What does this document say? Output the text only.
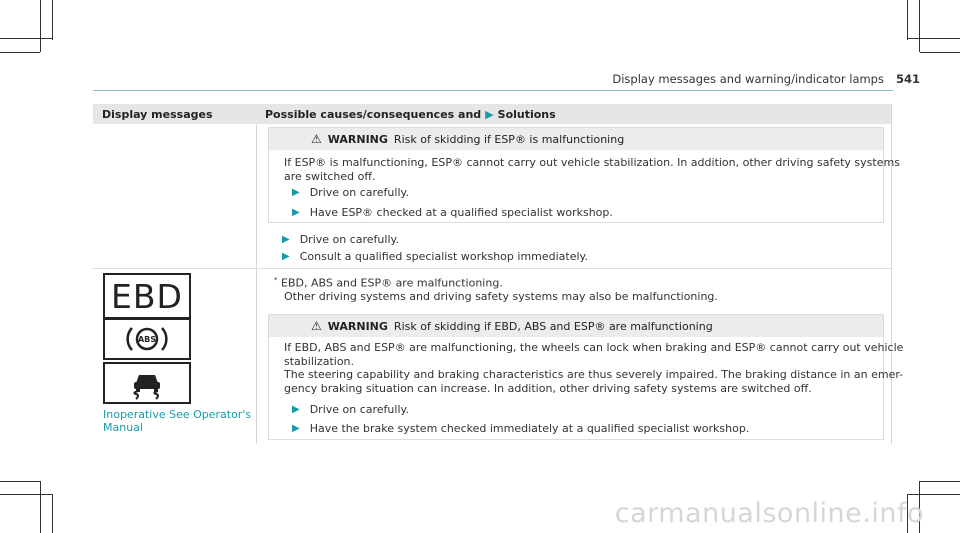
Display messages and warning/indicator lamps 541
Display messages	Possible causes/consequences and ▶ Solutions
⚠ WARNING Risk of skidding if ESP® is malfunctioning
If ESP® is malfunctioning, ESP® cannot carry out vehicle stabilization. In addition, other driving safety systems
are switched off.
▶ Drive on carefully.
▶ Have ESP® checked at a qualified specialist workshop.
▶ Drive on carefully.
▶ Consult a qualified specialist workshop immediately.
EBD
ABS
Inoperative See Operator's
Manual
* EBD, ABS and ESP® are malfunctioning.
Other driving systems and driving safety systems may also be malfunctioning.
⚠ WARNING Risk of skidding if EBD, ABS and ESP® are malfunctioning
If EBD, ABS and ESP® are malfunctioning, the wheels can lock when braking and ESP® cannot carry out vehicle
stabilization.
The steering capability and braking characteristics are thus severely impaired. The braking distance in an emer-
gency braking situation can increase. In addition, other driving safety systems are switched off.
▶ Drive on carefully.
▶ Have the brake system checked immediately at a qualified specialist workshop.
carmanualsonline.info
